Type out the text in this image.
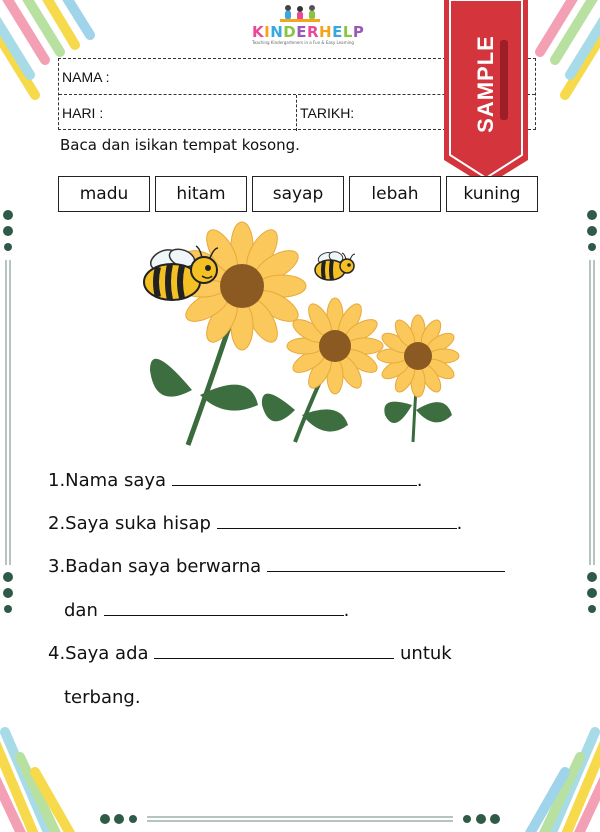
KINDERHELP
Teaching Kindergarteners in a Fun & Easy Learning
NAMA :
HARI :	TARIKH:	SAMPLE
Baca dan isikan tempat kosong.
madu	hitam	sayap	lebah	kuning
1.Nama saya	.
2.Saya suka hisap	.
3.Badan saya berwarna
dan	.
4.Saya ada	untuk
terbang.
